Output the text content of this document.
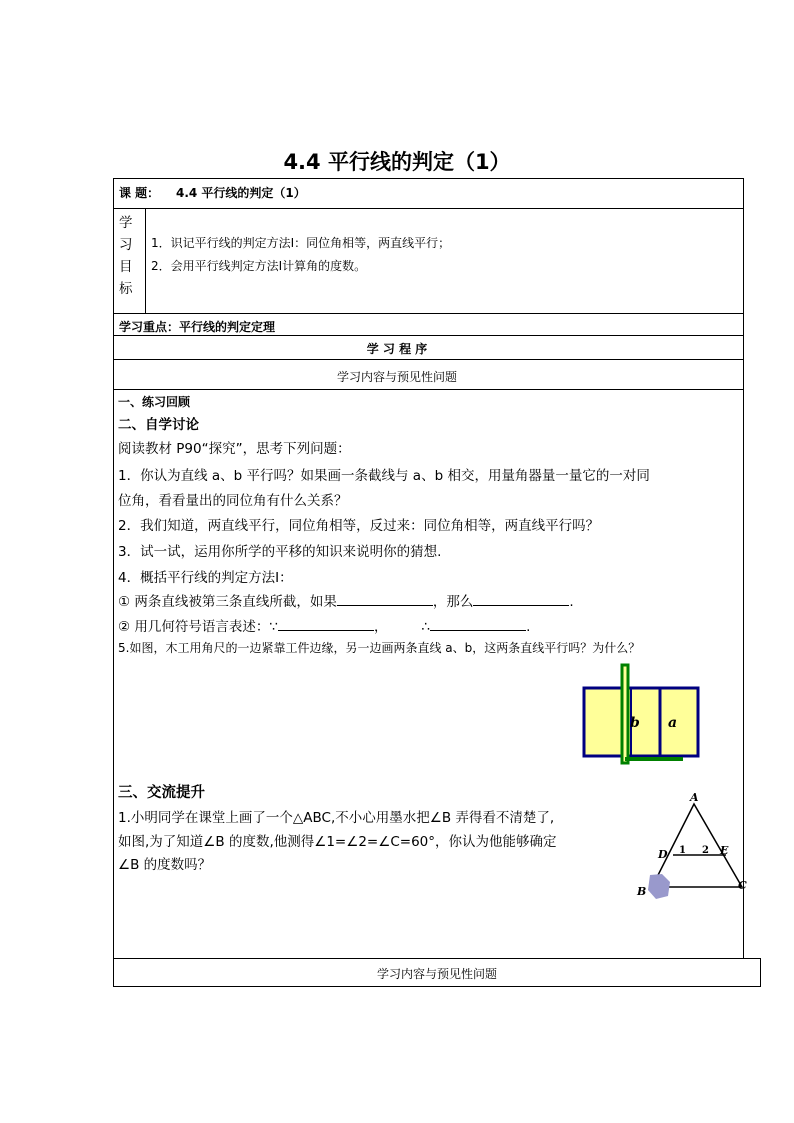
4.4 平行线的判定（1）
课 题： 4.4 平行线的判定（1）
学
习
目
标
1．识记平行线的判定方法Ⅰ：同位角相等，两直线平行；
2．会用平行线判定方法Ⅰ计算角的度数。
学习重点：平行线的判定定理
学 习 程 序
学习内容与预见性问题
一、练习回顾
二、自学讨论
阅读教材 P90“探究”，思考下列问题：
1．你认为直线 a、b 平行吗？如果画一条截线与 a、b 相交，用量角器量一量它的一对同
位角，看看量出的同位角有什么关系？
2．我们知道，两直线平行，同位角相等，反过来：同位角相等，两直线平行吗？
3．试一试，运用你所学的平移的知识来说明你的猜想.
4．概括平行线的判定方法Ⅰ：
① 两条直线被第三条直线所截，如果	，那么	.
② 用几何符号语言表述：∵	，	∴	.
5.如图，木工用角尺的一边紧靠工件边缘，另一边画两条直线 a、b，这两条直线平行吗？为什么？
b a
三、交流提升
1.小明同学在课堂上画了一个△ABC,不小心用墨水把∠B 弄得看不清楚了,
如图,为了知道∠B 的度数,他测得∠1=∠2=∠C=60°，你认为他能够确定
∠B 的度数吗？
A
B	C
D	E
1 2
学习内容与预见性问题
